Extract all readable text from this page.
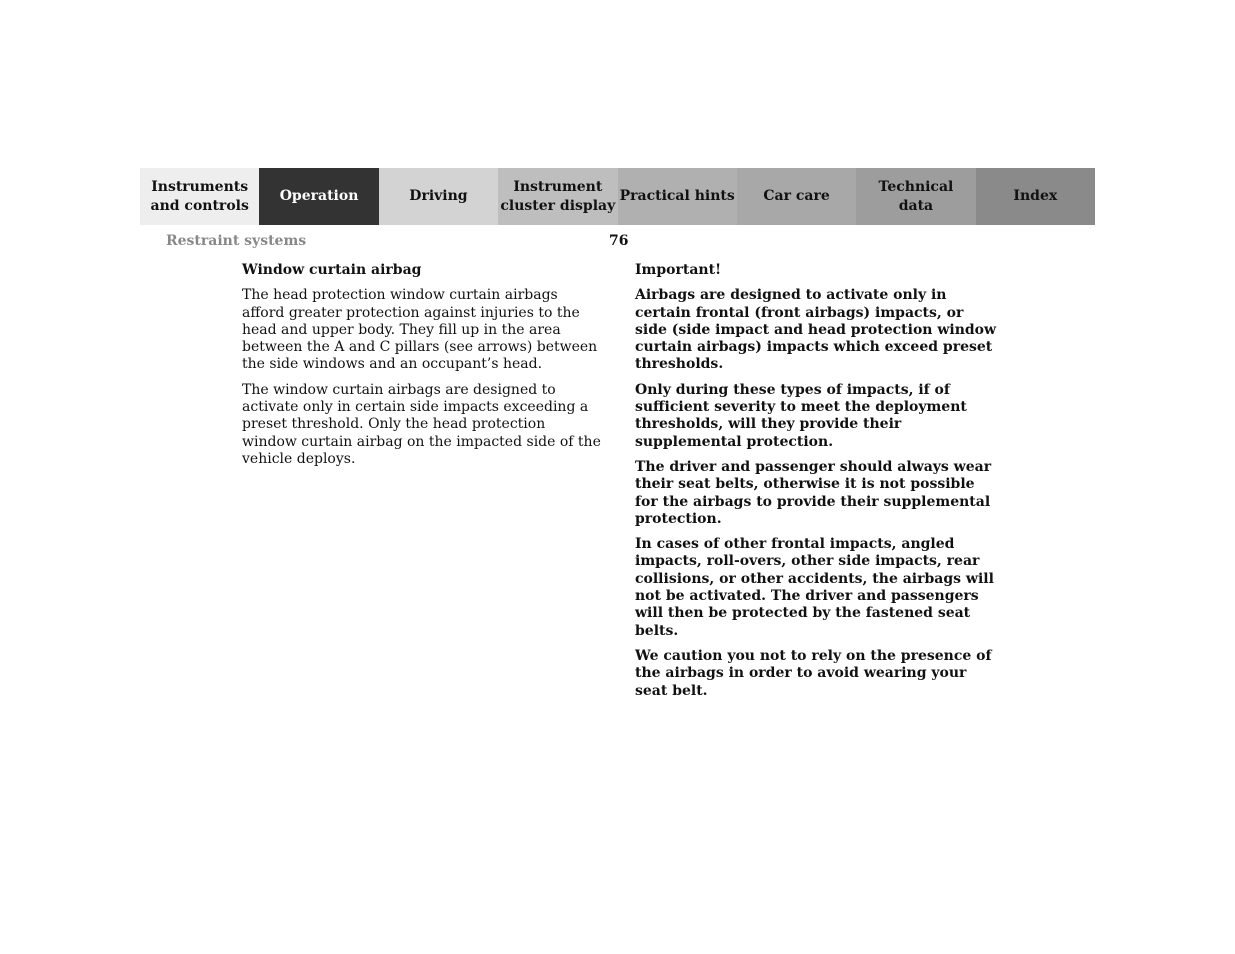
Instruments
and controls
Operation	Driving
Instrument
cluster display
Practical hints	Car care
Technical
data
Index
Restraint systems	76
Window curtain airbag

The head protection window curtain airbags afford greater protection against injuries to the head and upper body. They fill up in the area between the A and C pillars (see arrows) between the side windows and an occupant’s head.

The window curtain airbags are designed to activate only in certain side impacts exceeding a preset threshold. Only the head protection window curtain airbag on the impacted side of the vehicle deploys.

Important!

Airbags are designed to activate only in certain frontal (front airbags) impacts, or side (side impact and head protection window curtain airbags) impacts which exceed preset thresholds.

Only during these types of impacts, if of sufficient severity to meet the deployment thresholds, will they provide their supplemental protection.

The driver and passenger should always wear their seat belts, otherwise it is not possible for the airbags to provide their supplemental protection.

In cases of other frontal impacts, angled impacts, roll-overs, other side impacts, rear collisions, or other accidents, the airbags will not be activated. The driver and passengers will then be protected by the fastened seat belts.

We caution you not to rely on the presence of the airbags in order to avoid wearing your seat belt.
